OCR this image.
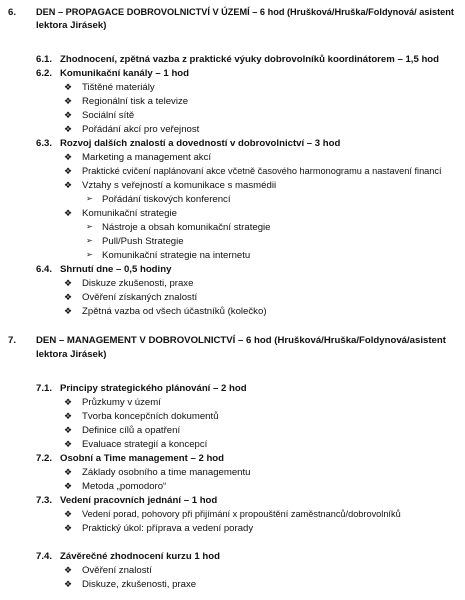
6. DEN – PROPAGACE DOBROVOLNICTVÍ V ÚZEMÍ – 6 hod (Hrušková/Hruška/Foldynová/ asistent
lektora Jirásek)
6.1. Zhodnocení, zpětná vazba z praktické výuky dobrovolníků koordinátorem – 1,5 hod
6.2. Komunikační kanály – 1 hod
❖ Tištěné materiály
❖ Regionální tisk a televize
❖ Sociální sítě
❖ Pořádání akcí pro veřejnost
6.3. Rozvoj dalších znalostí a dovedností v dobrovolnictví – 3 hod
❖ Marketing a management akcí
❖ Praktické cvičení naplánovaní akce včetně časového harmonogramu a nastavení financí
❖ Vztahy s veřejností a komunikace s masmédii
➢ Pořádání tiskových konferencí
❖ Komunikační strategie
➢ Nástroje a obsah komunikační strategie
➢ Pull/Push Strategie
➢ Komunikační strategie na internetu
6.4. Shrnutí dne – 0,5 hodiny
❖ Diskuze zkušenosti, praxe
❖ Ověření získaných znalostí
❖ Zpětná vazba od všech účastníků (kolečko)
7. DEN – MANAGEMENT V DOBROVOLNICTVÍ – 6 hod (Hrušková/Hruška/Foldynová/asistent
lektora Jirásek)
7.1. Principy strategického plánování – 2 hod
❖ Průzkumy v území
❖ Tvorba koncepčních dokumentů
❖ Definice cílů a opatření
❖ Evaluace strategií a koncepcí
7.2. Osobní a Time management – 2 hod
❖ Základy osobního a time managementu
❖ Metoda „pomodoro“
7.3. Vedení pracovních jednání – 1 hod
❖ Vedení porad, pohovory při přijímání x propouštění zaměstnanců/dobrovolníků
❖ Praktický úkol: příprava a vedení porady
7.4. Závěrečné zhodnocení kurzu 1 hod
❖ Ověření znalostí
❖ Diskuze, zkušenosti, praxe
